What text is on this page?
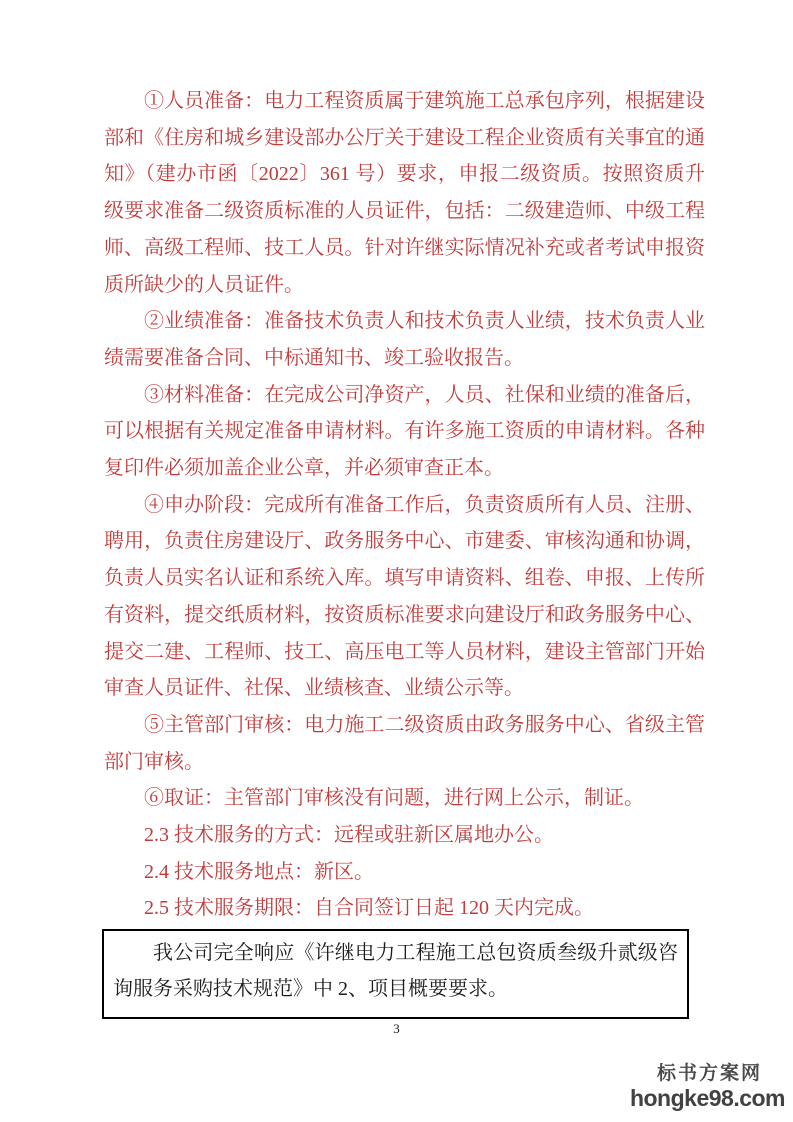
①人员准备：电力工程资质属于建筑施工总承包序列，根据建设部和《住房和城乡建设部办公厅关于建设工程企业资质有关事宜的通知》（建办市函〔2022〕361 号）要求，申报二级资质。按照资质升级要求准备二级资质标准的人员证件，包括：二级建造师、中级工程师、高级工程师、技工人员。针对许继实际情况补充或者考试申报资质所缺少的人员证件。

②业绩准备：准备技术负责人和技术负责人业绩，技术负责人业绩需要准备合同、中标通知书、竣工验收报告。

③材料准备：在完成公司净资产，人员、社保和业绩的准备后，可以根据有关规定准备申请材料。有许多施工资质的申请材料。各种复印件必须加盖企业公章，并必须审查正本。

④申办阶段：完成所有准备工作后，负责资质所有人员、注册、聘用，负责住房建设厅、政务服务中心、市建委、审核沟通和协调，负责人员实名认证和系统入库。填写申请资料、组卷、申报、上传所有资料，提交纸质材料，按资质标准要求向建设厅和政务服务中心、提交二建、工程师、技工、高压电工等人员材料，建设主管部门开始审查人员证件、社保、业绩核查、业绩公示等。

⑤主管部门审核：电力施工二级资质由政务服务中心、省级主管部门审核。

⑥取证：主管部门审核没有问题，进行网上公示，制证。

2.3 技术服务的方式：远程或驻新区属地办公。

2.4 技术服务地点：新区。

2.5 技术服务期限：自合同签订日起 120 天内完成。

我公司完全响应《许继电力工程施工总包资质叁级升贰级咨询服务采购技术规范》中 2、项目概要要求。

3
标书方案网
hongke98.com
